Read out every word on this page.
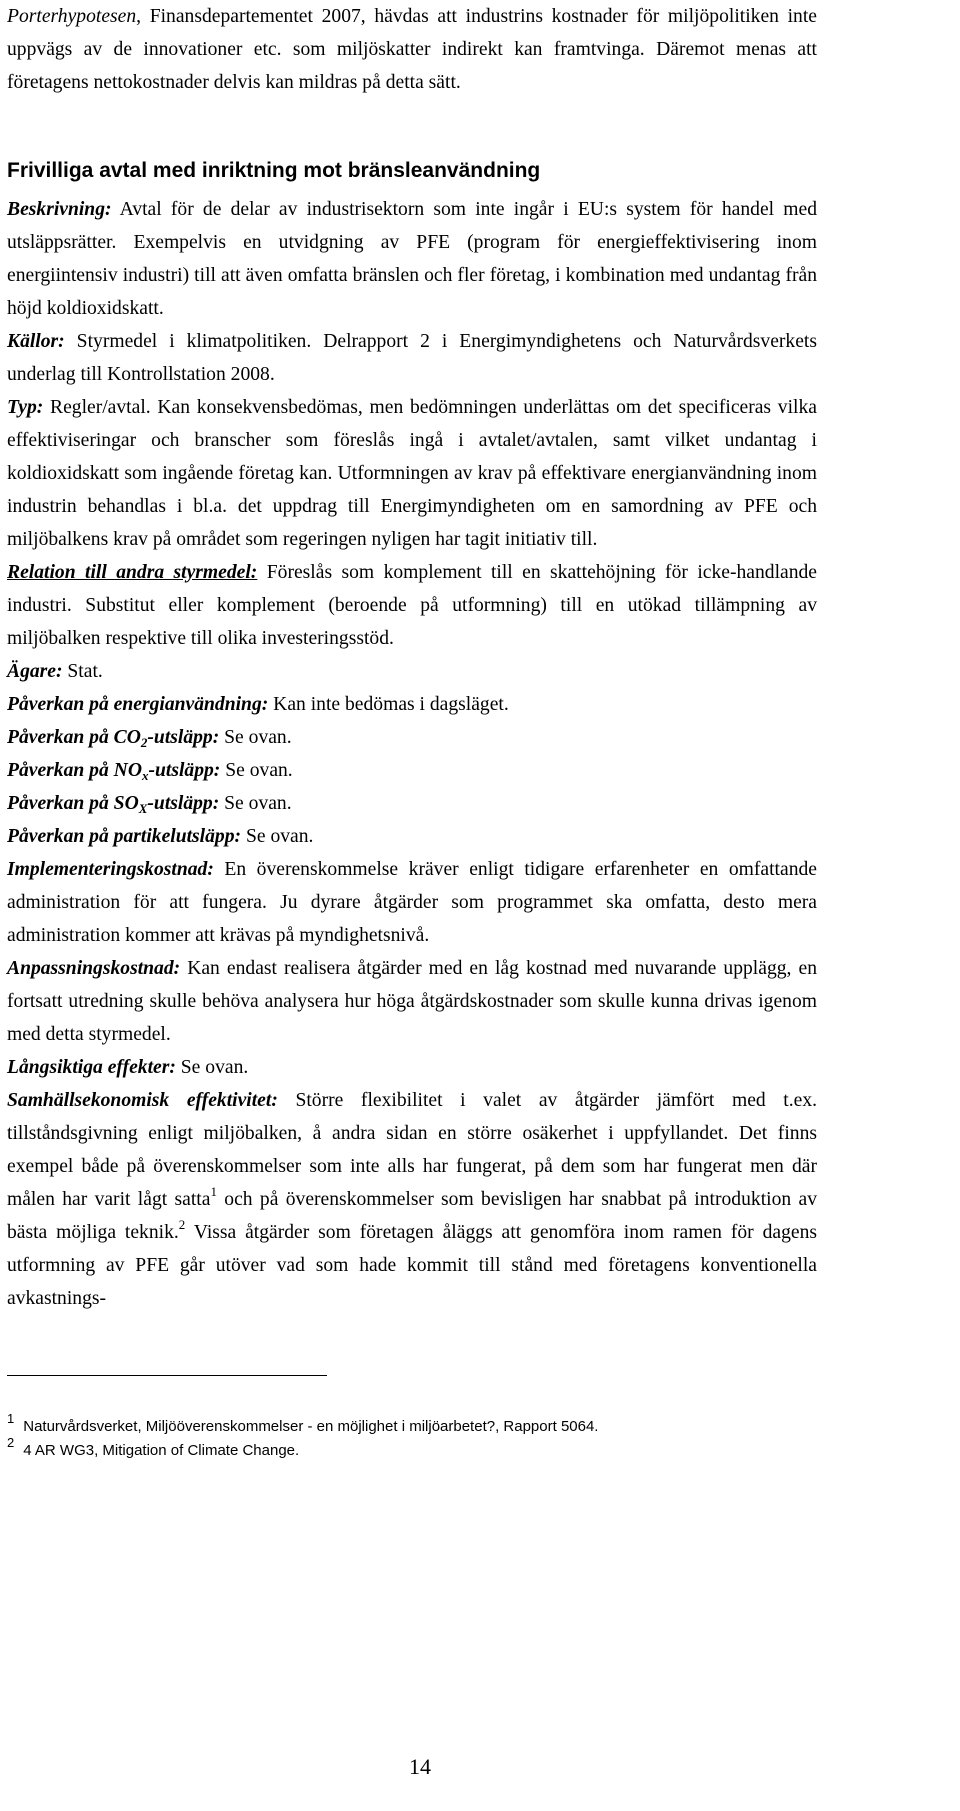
Porterhypotesen, Finansdepartementet 2007, hävdas att industrins kostnader för miljöpolitiken inte uppvägs av de innovationer etc. som miljöskatter indirekt kan framtvinga. Däremot menas att företagens nettokostnader delvis kan mildras på detta sätt.
Frivilliga avtal med inriktning mot bränsleanvändning

Beskrivning: Avtal för de delar av industrisektorn som inte ingår i EU:s system för handel med utsläppsrätter. Exempelvis en utvidgning av PFE (program för energieffektivisering inom energiintensiv industri) till att även omfatta bränslen och fler företag, i kombination med undantag från höjd koldioxidskatt.

Källor: Styrmedel i klimatpolitiken. Delrapport 2 i Energimyndighetens och Naturvårdsverkets underlag till Kontrollstation 2008.

Typ: Regler/avtal. Kan konsekvensbedömas, men bedömningen underlättas om det specificeras vilka effektiviseringar och branscher som föreslås ingå i avtalet/avtalen, samt vilket undantag i koldioxidskatt som ingående företag kan. Utformningen av krav på effektivare energianvändning inom industrin behandlas i bl.a. det uppdrag till Energimyndigheten om en samordning av PFE och miljöbalkens krav på området som regeringen nyligen har tagit initiativ till.

Relation till andra styrmedel: Föreslås som komplement till en skattehöjning för icke-handlande industri. Substitut eller komplement (beroende på utformning) till en utökad tillämpning av miljöbalken respektive till olika investeringsstöd.

Ägare: Stat.

Påverkan på energianvändning: Kan inte bedömas i dagsläget.

Påverkan på $CO_2$-utsläpp: Se ovan.

Påverkan på $NO_x$-utsläpp: Se ovan.

Påverkan på $SO_X$-utsläpp: Se ovan.

Påverkan på partikelutsläpp: Se ovan.

Implementeringskostnad: En överenskommelse kräver enligt tidigare erfarenheter en omfattande administration för att fungera. Ju dyrare åtgärder som programmet ska omfatta, desto mera administration kommer att krävas på myndighetsnivå.

Anpassningskostnad: Kan endast realisera åtgärder med en låg kostnad med nuvarande upplägg, en fortsatt utredning skulle behöva analysera hur höga åtgärdskostnader som skulle kunna drivas igenom med detta styrmedel.

Långsiktiga effekter: Se ovan.

Samhällsekonomisk effektivitet: Större flexibilitet i valet av åtgärder jämfört med t.ex. tillståndsgivning enligt miljöbalken, å andra sidan en större osäkerhet i uppfyllandet. Det finns exempel både på överenskommelser som inte alls har fungerat, på dem som har fungerat men där målen har varit lågt satta$^1$ och på överenskommelser som bevisligen har snabbat på introduktion av bästa möjliga teknik.$^2$ Vissa åtgärder som företagen åläggs att genomföra inom ramen för dagens utformning av PFE går utöver vad som hade kommit till stånd med företagens konventionella avkastnings-

1 Naturvårdsverket, Miljööverenskommelser - en möjlighet i miljöarbetet?, Rapport 5064.
2 4 AR WG3, Mitigation of Climate Change.
14
